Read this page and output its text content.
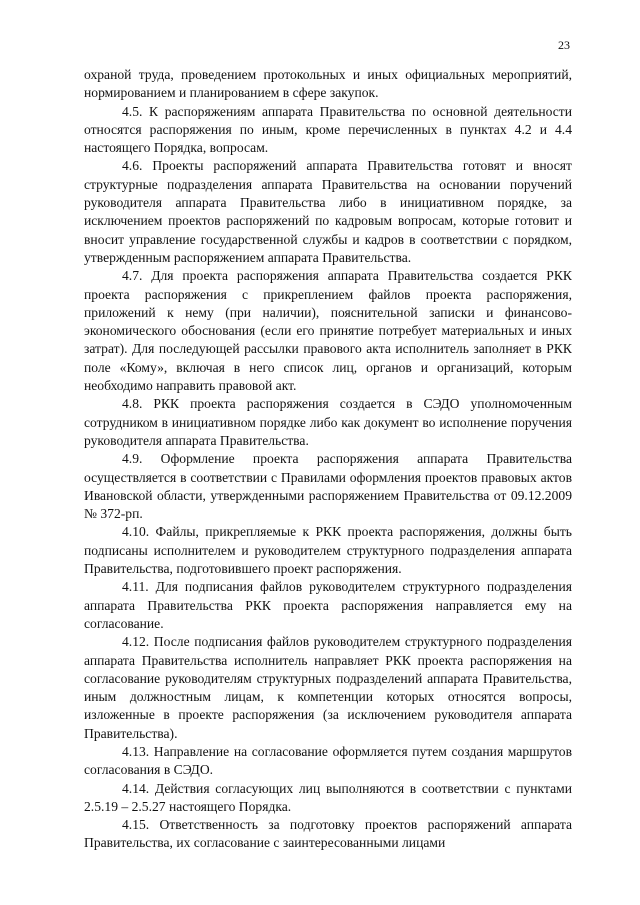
23

охраной труда, проведением протокольных и иных официальных мероприятий, нормированием и планированием в сфере закупок.

4.5. К распоряжениям аппарата Правительства по основной деятельности относятся распоряжения по иным, кроме перечисленных в пунктах 4.2 и 4.4 настоящего Порядка, вопросам.

4.6. Проекты распоряжений аппарата Правительства готовят и вносят структурные подразделения аппарата Правительства на основании поручений руководителя аппарата Правительства либо в инициативном порядке, за исключением проектов распоряжений по кадровым вопросам, которые готовит и вносит управление государственной службы и кадров в соответствии с порядком, утвержденным распоряжением аппарата Правительства.

4.7. Для проекта распоряжения аппарата Правительства создается РКК проекта распоряжения с прикреплением файлов проекта распоряжения, приложений к нему (при наличии), пояснительной записки и финансово-экономического обоснования (если его принятие потребует материальных и иных затрат). Для последующей рассылки правового акта исполнитель заполняет в РКК поле «Кому», включая в него список лиц, органов и организаций, которым необходимо направить правовой акт.

4.8. РКК проекта распоряжения создается в СЭДО уполномоченным сотрудником в инициативном порядке либо как документ во исполнение поручения руководителя аппарата Правительства.

4.9. Оформление проекта распоряжения аппарата Правительства осуществляется в соответствии с Правилами оформления проектов правовых актов Ивановской области, утвержденными распоряжением Правительства от 09.12.2009 № 372-рп.

4.10. Файлы, прикрепляемые к РКК проекта распоряжения, должны быть подписаны исполнителем и руководителем структурного подразделения аппарата Правительства, подготовившего проект распоряжения.

4.11. Для подписания файлов руководителем структурного подразделения аппарата Правительства РКК проекта распоряжения направляется ему на согласование.

4.12. После подписания файлов руководителем структурного подразделения аппарата Правительства исполнитель направляет РКК проекта распоряжения на согласование руководителям структурных подразделений аппарата Правительства, иным должностным лицам, к компетенции которых относятся вопросы, изложенные в проекте распоряжения (за исключением руководителя аппарата Правительства).

4.13. Направление на согласование оформляется путем создания маршрутов согласования в СЭДО.

4.14. Действия согласующих лиц выполняются в соответствии с пунктами 2.5.19 – 2.5.27 настоящего Порядка.

4.15. Ответственность за подготовку проектов распоряжений аппарата Правительства, их согласование с заинтересованными лицами
